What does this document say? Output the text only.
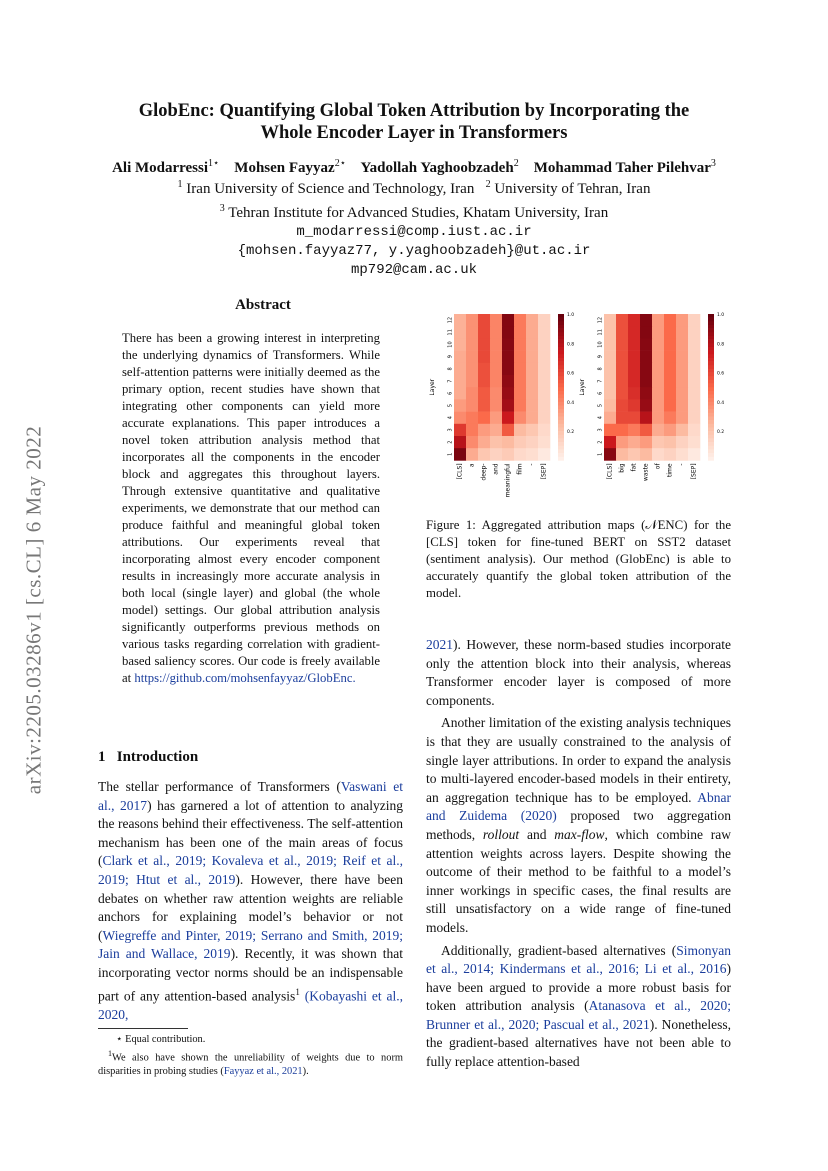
arXiv:2205.03286v1 [cs.CL] 6 May 2022
GlobEnc: Quantifying Global Token Attribution by Incorporating the
Whole Encoder Layer in Transformers
Ali Modarressi$^{1⋆}$ Mohsen Fayyaz$^{2⋆}$ Yadollah Yaghoobzadeh$^2$ Mohammad Taher Pilehvar$^3$
$^1$ Iran University of Science and Technology, Iran $^2$ University of Tehran, Iran
$^3$ Tehran Institute for Advanced Studies, Khatam University, Iran
m_modarressi@comp.iust.ac.ir
{mohsen.fayyaz77, y.yaghoobzadeh}@ut.ac.ir
mp792@cam.ac.uk
Abstract
There has been a growing interest in interpreting the underlying dynamics of Transformers. While self-attention patterns were initially deemed as the primary option, recent studies have shown that integrating other components can yield more accurate explanations. This paper introduces a novel token attribution analysis method that incorporates all the components in the encoder block and aggregates this throughout layers. Through extensive quantitative and qualitative experiments, we demonstrate that our method can produce faithful and meaningful global token attributions. Our experiments reveal that incorporating almost every encoder component results in increasingly more accurate analysis in both local (single layer) and global (the whole model) settings. Our global attribution analysis significantly outperforms previous methods on various tasks regarding correlation with gradient-based saliency scores. Our code is freely available at https://github.com/mohsenfayyaz/GlobEnc.
Layer
12
11
10
9
8
7
6
5
4
3
2
1
[CLS] a deep- and meaningful film - [SEP]
0.2
0.4
0.6
0.8
1.0
Layer
12
11
10
9
8
7
6
5
4
3
2
1
[CLS] big fat waste of time - [SEP]
0.2
0.4
0.6
0.8
1.0
Figure 1: Aggregated attribution maps (𝒩ENC) for the [CLS] token for fine-tuned BERT on SST2 dataset (sentiment analysis). Our method (GlobEnc) is able to accurately quantify the global token attribution of the model.
1 Introduction
The stellar performance of Transformers (Vaswani et al., 2017) has garnered a lot of attention to analyzing the reasons behind their effectiveness. The self-attention mechanism has been one of the main areas of focus (Clark et al., 2019; Kovaleva et al., 2019; Reif et al., 2019; Htut et al., 2019). However, there have been debates on whether raw attention weights are reliable anchors for explaining model’s behavior or not (Wiegreffe and Pinter, 2019; Serrano and Smith, 2019; Jain and Wallace, 2019). Recently, it was shown that incorporating vector norms should be an indispensable part of any attention-based analysis$^1$ (Kobayashi et al., 2020,
⋆ Equal contribution.
$^1$We also have shown the unreliability of weights due to norm disparities in probing studies (Fayyaz et al., 2021).
2021). However, these norm-based studies incorporate only the attention block into their analysis, whereas Transformer encoder layer is composed of more components.
Another limitation of the existing analysis techniques is that they are usually constrained to the analysis of single layer attributions. In order to expand the analysis to multi-layered encoder-based models in their entirety, an aggregation technique has to be employed. Abnar and Zuidema (2020) proposed two aggregation methods, rollout and max-flow, which combine raw attention weights across layers. Despite showing the outcome of their method to be faithful to a model’s inner workings in specific cases, the final results are still unsatisfactory on a wide range of fine-tuned models.
Additionally, gradient-based alternatives (Simonyan et al., 2014; Kindermans et al., 2016; Li et al., 2016) have been argued to provide a more robust basis for token attribution analysis (Atanasova et al., 2020; Brunner et al., 2020; Pascual et al., 2021). Nonetheless, the gradient-based alternatives have not been able to fully replace attention-based
